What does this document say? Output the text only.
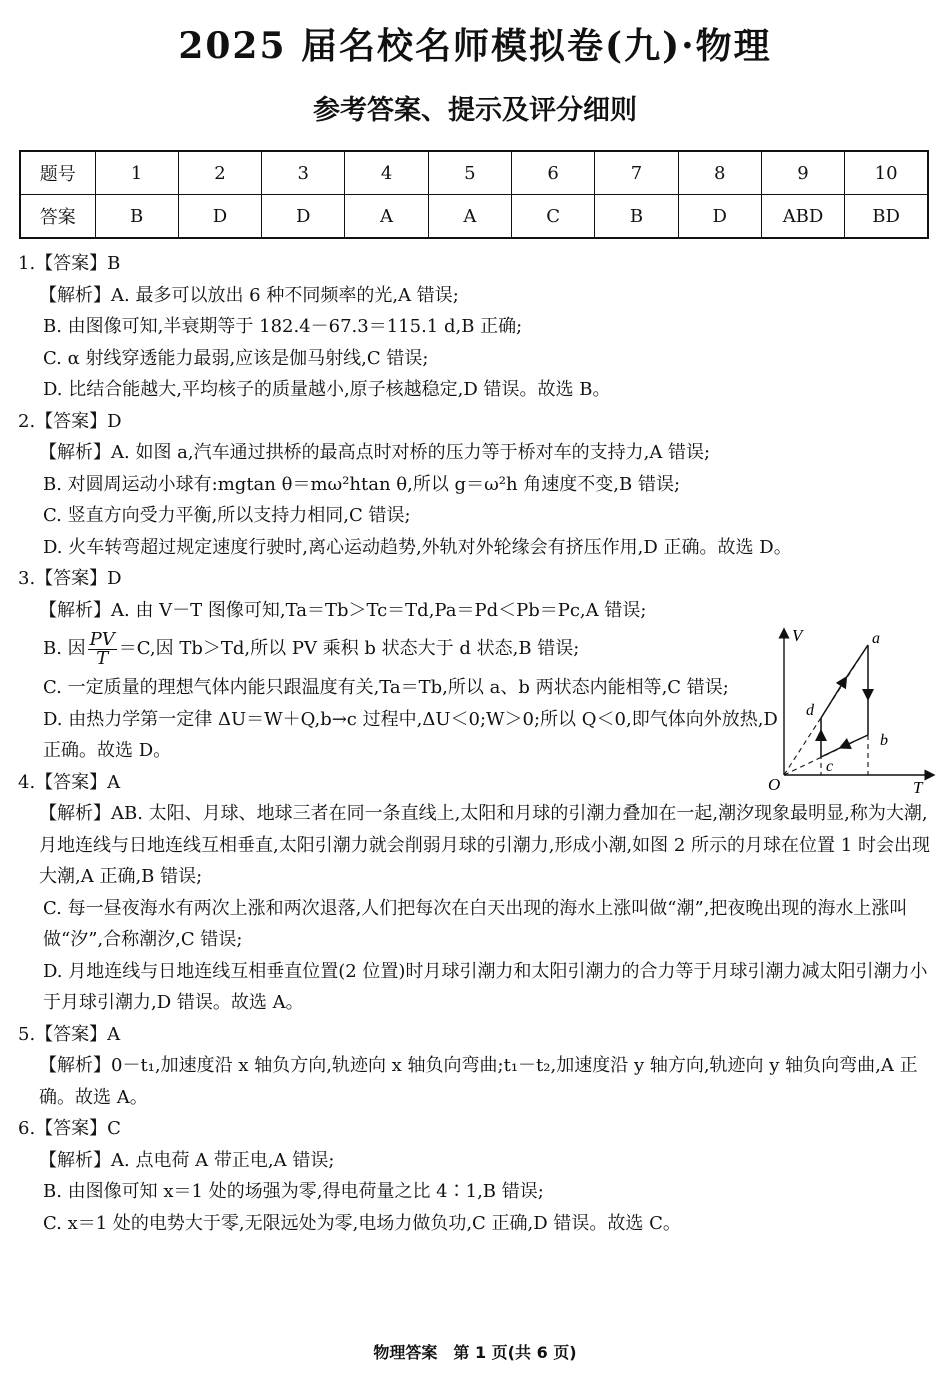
2025 届名校名师模拟卷(九)·物理
参考答案、提示及评分细则
题号	1	2	3	4	5	6	7	8	9	10
答案	B	D	D	A	A	C	B	D	ABD	BD

1.【答案】B

【解析】A. 最多可以放出 6 种不同频率的光,A 错误;

B. 由图像可知,半衰期等于 182.4－67.3＝115.1 d,B 正确;

C. α 射线穿透能力最弱,应该是伽马射线,C 错误;

D. 比结合能越大,平均核子的质量越小,原子核越稳定,D 错误。故选 B。

2.【答案】D

【解析】A. 如图 a,汽车通过拱桥的最高点时对桥的压力等于桥对车的支持力,A 错误;

B. 对圆周运动小球有:mgtan θ＝mω²htan θ,所以 g＝ω²h 角速度不变,B 错误;

C. 竖直方向受力平衡,所以支持力相同,C 错误;

D. 火车转弯超过规定速度行驶时,离心运动趋势,外轨对外轮缘会有挤压作用,D 正确。故选 D。

3.【答案】D

【解析】A. 由 V－T 图像可知,Ta＝Tb＞Tc＝Td,Pa＝Pd＜Pb＝Pc,A 错误;

B. 因 $\frac{PV}{T} =C$,因 Tb＞Td,所以 PV 乘积 b 状态大于 d 状态,B 错误;

C. 一定质量的理想气体内能只跟温度有关,Ta＝Tb,所以 a、b 两状态内能相等,C 错误;

D. 由热力学第一定律 ΔU＝W＋Q,b→c 过程中,ΔU＜0;W＞0;所以 Q＜0,即气体向外放热,D 正确。故选 D。

4.【答案】A

【解析】AB. 太阳、月球、地球三者在同一条直线上,太阳和月球的引潮力叠加在一起,潮汐现象最明显,称为大潮,月地连线与日地连线互相垂直,太阳引潮力就会削弱月球的引潮力,形成小潮,如图 2 所示的月球在位置 1 时会出现大潮,A 正确,B 错误;

C. 每一昼夜海水有两次上涨和两次退落,人们把每次在白天出现的海水上涨叫做“潮”,把夜晚出现的海水上涨叫做“汐”,合称潮汐,C 错误;

D. 月地连线与日地连线互相垂直位置(2 位置)时月球引潮力和太阳引潮力的合力等于月球引潮力减太阳引潮力小于月球引潮力,D 错误。故选 A。

5.【答案】A

【解析】0－t₁,加速度沿 x 轴负方向,轨迹向 x 轴负向弯曲;t₁－t₂,加速度沿 y 轴方向,轨迹向 y 轴负向弯曲,A 正确。故选 A。

6.【答案】C

【解析】A. 点电荷 A 带正电,A 错误;

B. 由图像可知 x＝1 处的场强为零,得电荷量之比 4∶1,B 错误;

C. x＝1 处的电势大于零,无限远处为零,电场力做负功,C 正确,D 错误。故选 C。

V
T
O
a
b
c
d
物理答案　第 1 页(共 6 页)
